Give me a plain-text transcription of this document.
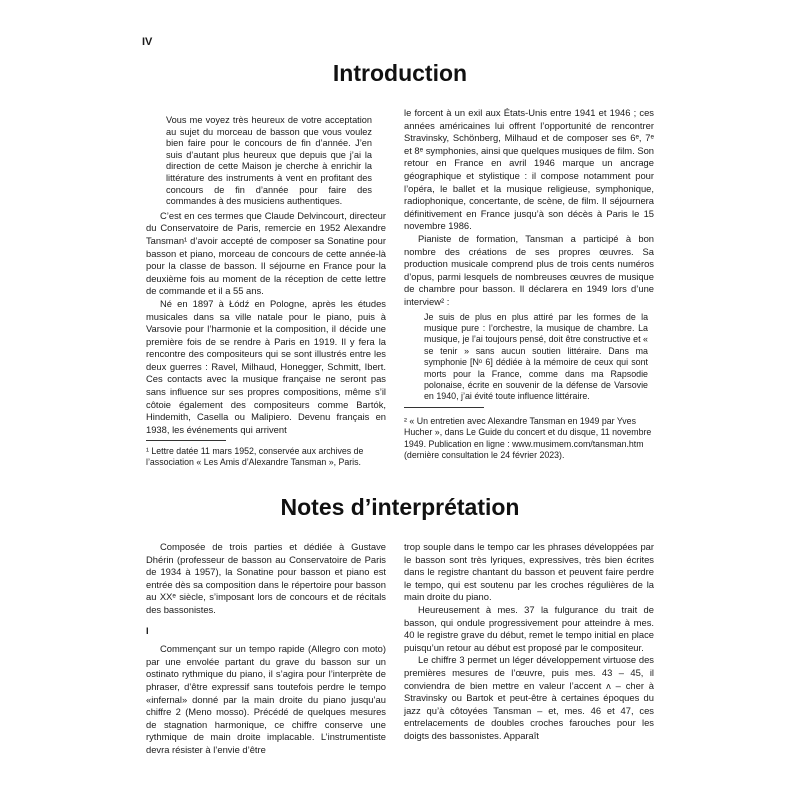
IV
Introduction

Vous me voyez très heureux de votre acceptation au sujet du morceau de basson que vous voulez bien faire pour le concours de fin d’année. J’en suis d’autant plus heureux que depuis que j’ai la direction de cette Maison je cherche à enrichir la littérature des instruments à vent en profitant des concours de fin d’année pour faire des commandes à des musiciens authentiques.

C’est en ces termes que Claude Delvincourt, directeur du Conservatoire de Paris, remercie en 1952 Alexandre Tansman¹ d’avoir accepté de composer sa Sonatine pour basson et piano, morceau de concours de cette année-là pour la classe de basson. Il séjourne en France pour la deuxième fois au moment de la réception de cette lettre de commande et il a 55 ans.

Né en 1897 à Łódź en Pologne, après les études musicales dans sa ville natale pour le piano, puis à Varsovie pour l’harmonie et la composition, il décide une première fois de se rendre à Paris en 1919. Il y fera la rencontre des compositeurs qui se sont illustrés entre les deux guerres : Ravel, Milhaud, Honegger, Schmitt, Ibert. Ces contacts avec la musique française ne seront pas sans influence sur ses propres compositions, même s’il côtoie également des compositeurs comme Bartók, Hindemith, Casella ou Malipiero. Devenu français en 1938, les événements qui arrivent

le forcent à un exil aux États-Unis entre 1941 et 1946 ; ces années américaines lui offrent l’opportunité de rencontrer Stravinsky, Schönberg, Milhaud et de composer ses 6ᵉ, 7ᵉ et 8ᵉ symphonies, ainsi que quelques musiques de film. Son retour en France en avril 1946 marque un ancrage géographique et stylistique : il compose notamment pour l’opéra, le ballet et la musique religieuse, symphonique, radiophonique, concertante, de scène, de film. Il séjournera définitivement en France jusqu’à son décès à Paris le 15 novembre 1986.

Pianiste de formation, Tansman a participé à bon nombre des créations de ses propres œuvres. Sa production musicale comprend plus de trois cents numéros d’opus, parmi lesquels de nombreuses œuvres de musique de chambre pour basson. Il déclarera en 1949 lors d’une interview² :

Je suis de plus en plus attiré par les formes de la musique pure : l’orchestre, la musique de chambre. La musique, je l’ai toujours pensé, doit être constructive et « se tenir » sans aucun soutien littéraire. Dans ma symphonie [Nᵒ 6] dédiée à la mémoire de ceux qui sont morts pour la France, comme dans ma Rapsodie polonaise, écrite en souvenir de la défense de Varsovie en 1940, j’ai évité toute influence littéraire.

¹ Lettre datée 11 mars 1952, conservée aux archives de l’association « Les Amis d’Alexandre Tansman », Paris.
² « Un entretien avec Alexandre Tansman en 1949 par Yves Hucher », dans Le Guide du concert et du disque, 11 novembre 1949. Publication en ligne : www.musimem.com/tansman.htm (dernière consultation le 24 février 2023).
Notes d’interprétation

Composée de trois parties et dédiée à Gustave Dhérin (professeur de basson au Conservatoire de Paris de 1934 à 1957), la Sonatine pour basson et piano est entrée dès sa composition dans le répertoire pour basson au XXᵉ siècle, s’imposant lors de concours et de récitals des bassonistes.

I

Commençant sur un tempo rapide (Allegro con moto) par une envolée partant du grave du basson sur un ostinato rythmique du piano, il s’agira pour l’interprète de phraser, d’être expressif sans toutefois perdre le tempo «infernal» donné par la main droite du piano jusqu’au chiffre 2 (Meno mosso). Précédé de quelques mesures de stagnation harmonique, ce chiffre conserve une rythmique de main droite implacable. L’instrumentiste devra résister à l’envie d’être

trop souple dans le tempo car les phrases développées par le basson sont très lyriques, expressives, très bien écrites dans le registre chantant du basson et peuvent faire perdre le tempo, qui est soutenu par les croches régulières de la main droite du piano.

Heureusement à mes. 37 la fulgurance du trait de basson, qui ondule progressivement pour atteindre à mes. 40 le registre grave du début, remet le tempo initial en place puisqu’un retour au début est proposé par le compositeur.

Le chiffre 3 permet un léger développement virtuose des premières mesures de l’œuvre, puis mes. 43 – 45, il conviendra de bien mettre en valeur l’accent ʌ – cher à Stravinsky ou Bartok et peut-être à certaines époques du jazz qu’à côtoyées Tansman – et, mes. 46 et 47, ces entrelacements de doubles croches farouches pour les doigts des bassonistes. Apparaît
